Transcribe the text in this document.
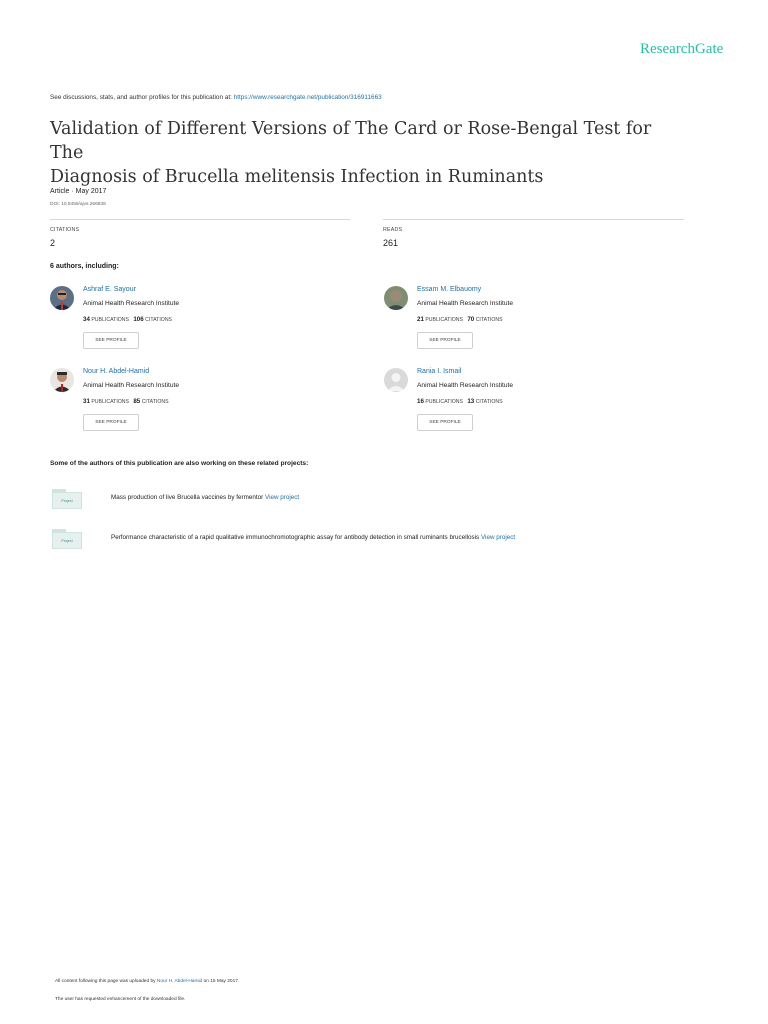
ResearchGate
See discussions, stats, and author profiles for this publication at: https://www.researchgate.net/publication/316911663
Validation of Different Versions of The Card or Rose-Bengal Test for The
Diagnosis of Brucella melitensis Infection in Ruminants
Article · May 2017
DOI: 10.5455/ajvs.266838
CITATIONS
2
READS
261
6 authors, including:
Ashraf E. Sayour
Animal Health Research Institute
34 PUBLICATIONS 106 CITATIONS
SEE PROFILE
Essam M. Elbauomy
Animal Health Research Institute
21 PUBLICATIONS 70 CITATIONS
SEE PROFILE
Nour H. Abdel-Hamid
Animal Health Research Institute
31 PUBLICATIONS 85 CITATIONS
SEE PROFILE
Rania I. Ismail
Animal Health Research Institute
16 PUBLICATIONS 13 CITATIONS
SEE PROFILE
Some of the authors of this publication are also working on these related projects:
Project	Mass production of live Brucella vaccines by fermentor View project
Project	Performance characteristic of a rapid qualitative immunochromotographic assay for antibody detection in small ruminants brucellosis View project
All content following this page was uploaded by Nour H. Abdel-Hamid on 15 May 2017.
The user has requested enhancement of the downloaded file.
